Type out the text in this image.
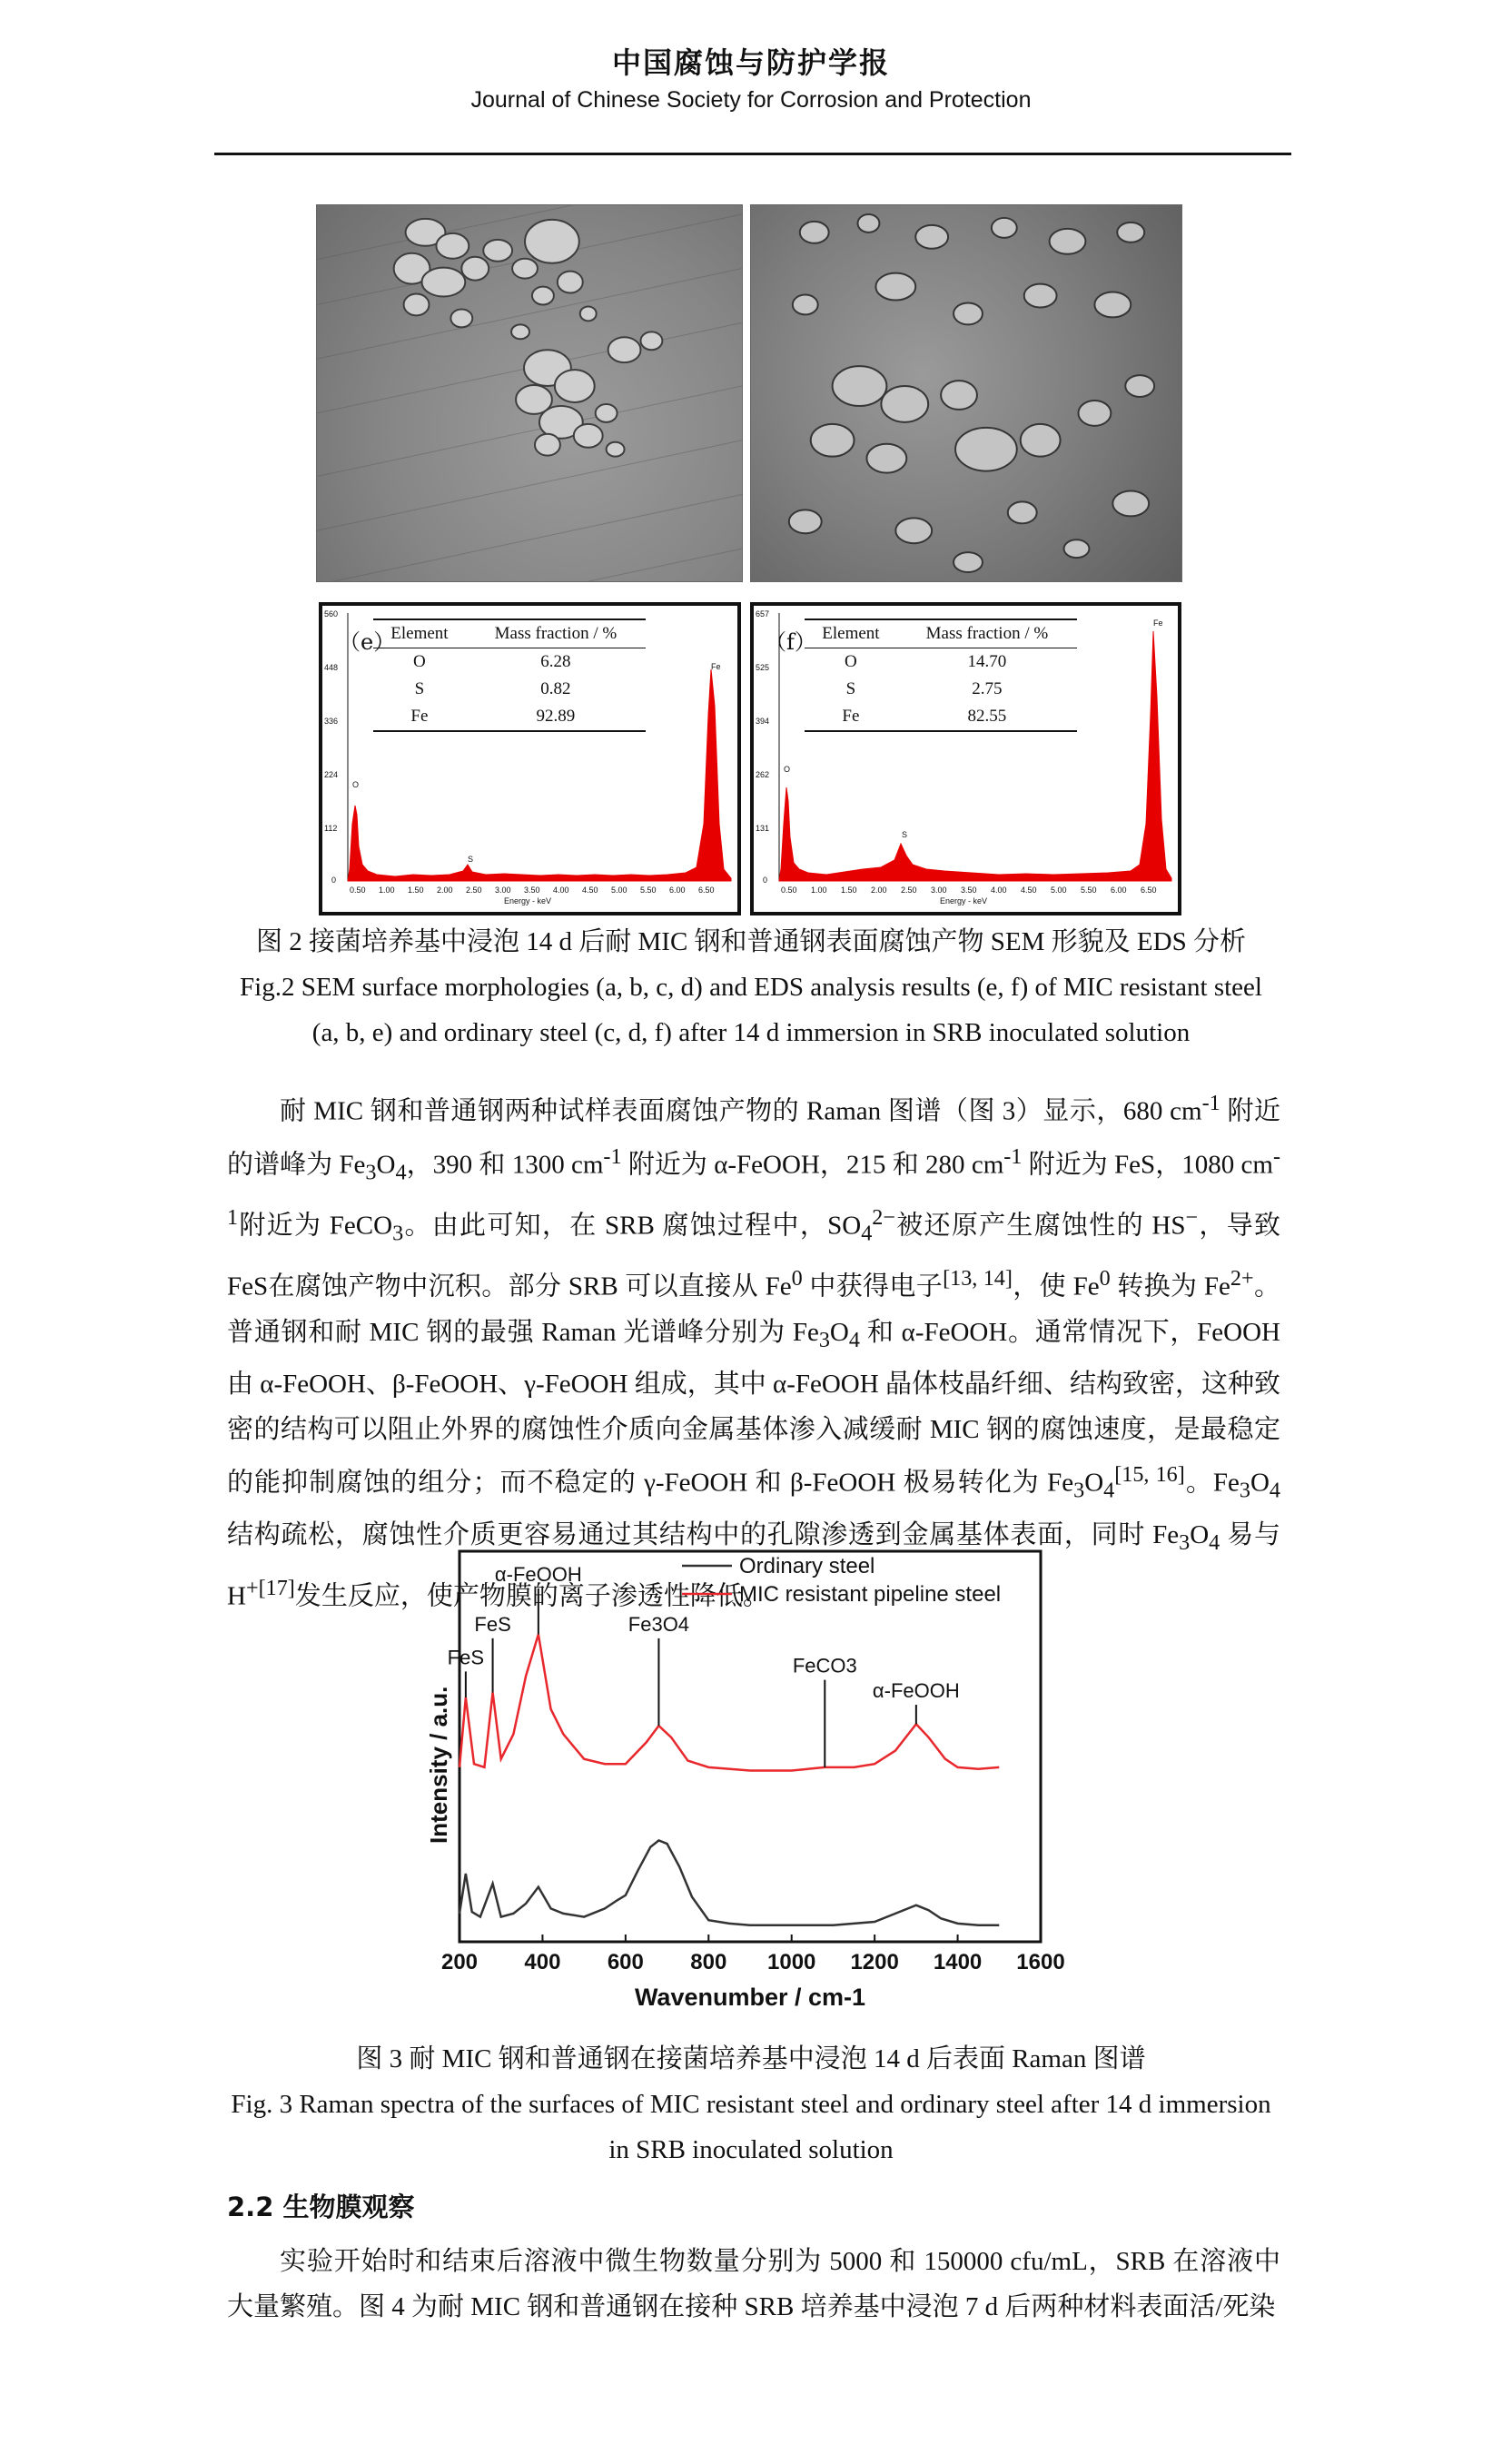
中国腐蚀与防护学报
Journal of Chinese Society for Corrosion and Protection
560
448
336
224
112
0
0.50 1.00 1.50 2.00 2.50 3.00 3.50 4.00 4.50 5.00 5.50 6.00 6.50
Energy - keV
O
S
Fe
（e）
Element	Mass fraction / %
O	6.28
S	0.82
Fe	92.89
657
525
394
262
131
0
0.50 1.00 1.50 2.00 2.50 3.00 3.50 4.00 4.50 5.00 5.50 6.00 6.50
Energy - keV
O
S
Fe
（f） Element	Mass fraction / %
O	14.70
S	2.75
Fe	82.55
图 2 接菌培养基中浸泡 14 d 后耐 MIC 钢和普通钢表面腐蚀产物 SEM 形貌及 EDS 分析
Fig.2 SEM surface morphologies (a, b, c, d) and EDS analysis results (e, f) of MIC resistant steel
(a, b, e) and ordinary steel (c, d, f) after 14 d immersion in SRB inoculated solution

耐 MIC 钢和普通钢两种试样表面腐蚀产物的 Raman 图谱（图 3）显示，680 $cm^{-1}$ 附近的谱峰为 $Fe_3O_4$，390 和 1300 $cm^{-1}$ 附近为 α-FeOOH，215 和 280 $cm^{-1}$ 附近为 FeS，1080 $cm^{-1}$附近为 FeCO$_3$。由此可知，在 SRB 腐蚀过程中，$SO_4^{2-}$被还原产生腐蚀性的 HS−，导致 FeS在腐蚀产物中沉积。部分 SRB 可以直接从 Fe$^0$ 中获得电子[13, 14]，使 Fe$^0$ 转换为 $Fe^{2+}$。普通钢和耐 MIC 钢的最强 Raman 光谱峰分别为 $Fe_3O_4$ 和 α-FeOOH。通常情况下，FeOOH 由 α-FeOOH、β-FeOOH、γ-FeOOH 组成，其中 α-FeOOH 晶体枝晶纤细、结构致密，这种致密的结构可以阻止外界的腐蚀性介质向金属基体渗入减缓耐 MIC 钢的腐蚀速度，是最稳定的能抑制腐蚀的组分；而不稳定的 γ-FeOOH 和 β-FeOOH 极易转化为 $Fe_3O_4[15, 16]$。$Fe_3O_4$ 结构疏松，腐蚀性介质更容易通过其结构中的孔隙渗透到金属基体表面，同时 $Fe_3O_4$ 易与 $H^{+[17]}$发生反应，使产物膜的离子渗透性降低。

FeS
FeS
α-FeOOH
Fe3O4
FeCO3
α-FeOOH
200 400 600 800 1000 1200 1400 1600
Ordinary steel
MIC resistant pipeline steel
Intensity / a.u.
Wavenumber / cm-1
图 3 耐 MIC 钢和普通钢在接菌培养基中浸泡 14 d 后表面 Raman 图谱
Fig. 3 Raman spectra of the surfaces of MIC resistant steel and ordinary steel after 14 d immersion
in SRB inoculated solution
2.2 生物膜观察

实验开始时和结束后溶液中微生物数量分别为 5000 和 150000 cfu/mL，SRB 在溶液中大量繁殖。图 4 为耐 MIC 钢和普通钢在接种 SRB 培养基中浸泡 7 d 后两种材料表面活/死染
